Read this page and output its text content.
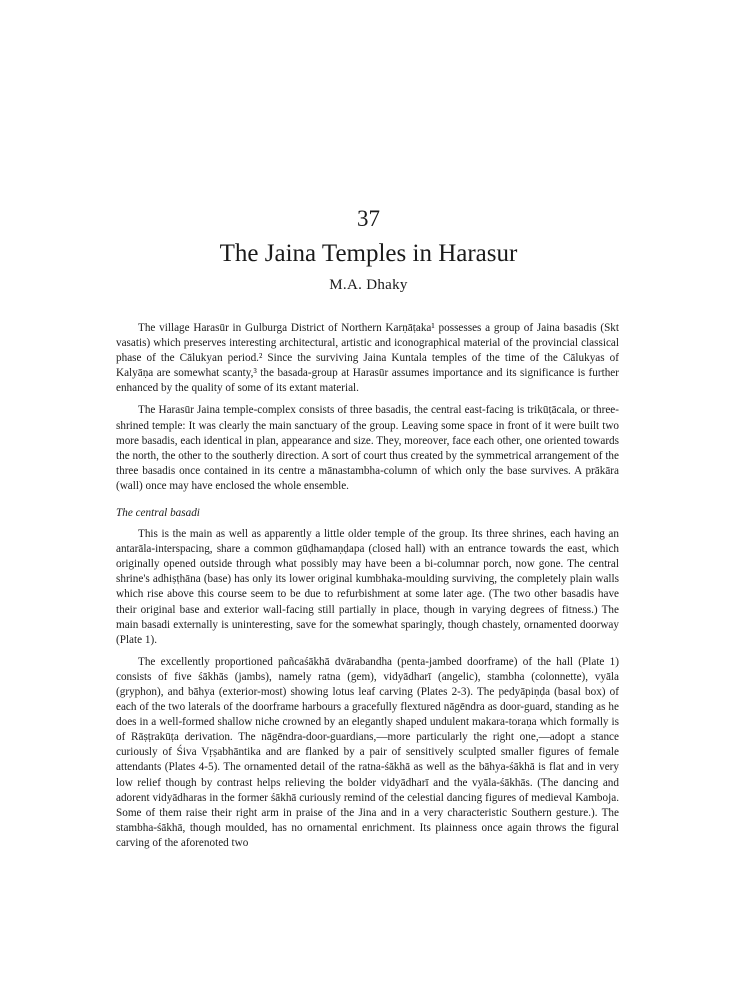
37
The Jaina Temples in Harasur
M.A. Dhaky

The village Harasūr in Gulburga District of Northern Karṇāṭaka¹ possesses a group of Jaina basadis (Skt vasatis) which preserves interesting architectural, artistic and iconographical material of the provincial classical phase of the Cālukyan period.² Since the surviving Jaina Kuntala temples of the time of the Cālukyas of Kalyāṇa are somewhat scanty,³ the basada-group at Harasūr assumes importance and its significance is further enhanced by the quality of some of its extant material.

The Harasūr Jaina temple-complex consists of three basadis, the central east-facing is trikūṭācala, or three-shrined temple: It was clearly the main sanctuary of the group. Leaving some space in front of it were built two more basadis, each identical in plan, appearance and size. They, moreover, face each other, one oriented towards the north, the other to the southerly direction. A sort of court thus created by the symmetrical arrangement of the three basadis once contained in its centre a mānastambha-column of which only the base survives. A prākāra (wall) once may have enclosed the whole ensemble.

The central basadi

This is the main as well as apparently a little older temple of the group. Its three shrines, each having an antarāla-interspacing, share a common gūḍhamaṇḍapa (closed hall) with an entrance towards the east, which originally opened outside through what possibly may have been a bi-columnar porch, now gone. The central shrine's adhiṣṭhāna (base) has only its lower original kumbhaka-moulding surviving, the completely plain walls which rise above this course seem to be due to refurbishment at some later age. (The two other basadis have their original base and exterior wall-facing still partially in place, though in varying degrees of fitness.) The main basadi externally is uninteresting, save for the somewhat sparingly, though chastely, ornamented doorway (Plate 1).

The excellently proportioned pañcaśākhā dvārabandha (penta-jambed doorframe) of the hall (Plate 1) consists of five śākhās (jambs), namely ratna (gem), vidyādharī (angelic), stambha (colonnette), vyāla (gryphon), and bāhya (exterior-most) showing lotus leaf carving (Plates 2-3). The pedyāpiṇḍa (basal box) of each of the two laterals of the doorframe harbours a gracefully flextured nāgēndra as door-guard, standing as he does in a well-formed shallow niche crowned by an elegantly shaped undulent makara-toraṇa which formally is of Rāṣṭrakūṭa derivation. The nāgēndra-door-guardians,—more particularly the right one,—adopt a stance curiously of Śiva Vṛṣabhāntika and are flanked by a pair of sensitively sculpted smaller figures of female attendants (Plates 4-5). The ornamented detail of the ratna-śākhā as well as the bāhya-śākhā is flat and in very low relief though by contrast helps relieving the bolder vidyādharī and the vyāla-śākhās. (The dancing and adorent vidyādharas in the former śākhā curiously remind of the celestial dancing figures of medieval Kamboja. Some of them raise their right arm in praise of the Jina and in a very characteristic Southern gesture.). The stambha-śākhā, though moulded, has no ornamental enrichment. Its plainness once again throws the figural carving of the aforenoted two
